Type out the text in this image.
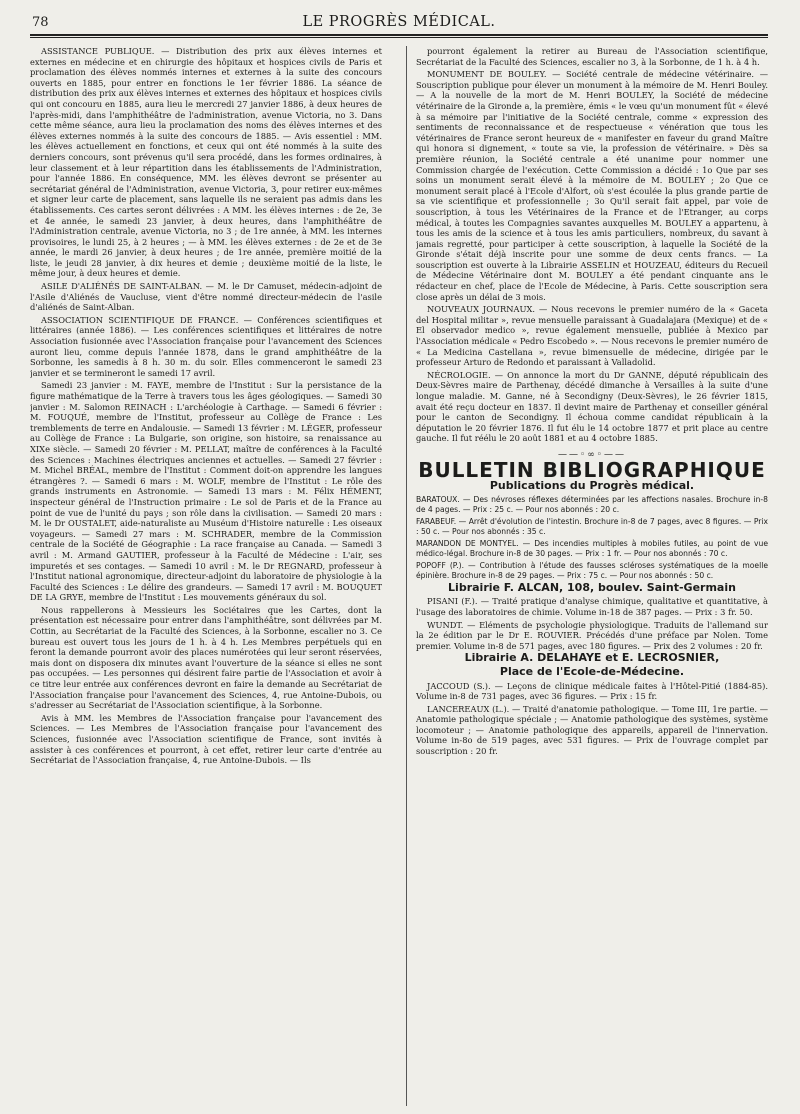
78	LE PROGRÈS MÉDICAL.

ASSISTANCE PUBLIQUE. — Distribution des prix aux élèves internes et externes en médecine et en chirurgie des hôpitaux et hospices civils de Paris et proclamation des élèves nommés internes et externes à la suite des concours ouverts en 1885, pour entrer en fonctions le 1er février 1886. La séance de distribution des prix aux élèves internes et externes des hôpitaux et hospices civils qui ont concouru en 1885, aura lieu le mercredi 27 janvier 1886, à deux heures de l'après-midi, dans l'amphithéâtre de l'administration, avenue Victoria, no 3. Dans cette même séance, aura lieu la proclamation des noms des élèves internes et des élèves externes nommés à la suite des concours de 1885. — Avis essentiel : MM. les élèves actuellement en fonctions, et ceux qui ont été nommés à la suite des derniers concours, sont prévenus qu'il sera procédé, dans les formes ordinaires, à leur classement et à leur répartition dans les établissements de l'Administration, pour l'année 1886. En conséquence, MM. les élèves devront se présenter au secrétariat général de l'Administration, avenue Victoria, 3, pour retirer eux-mêmes et signer leur carte de placement, sans laquelle ils ne seraient pas admis dans les établissements. Ces cartes seront délivrées : A MM. les élèves internes : de 2e, 3e et 4e année, le samedi 23 janvier, à deux heures, dans l'amphithéâtre de l'Administration centrale, avenue Victoria, no 3 ; de 1re année, à MM. les internes provisoires, le lundi 25, à 2 heures ; — à MM. les élèves externes : de 2e et de 3e année, le mardi 26 janvier, à deux heures ; de 1re année, première moitié de la liste, le jeudi 28 janvier, à dix heures et demie ; deuxième moitié de la liste, le même jour, à deux heures et demie.

ASILE D'ALIÉNÉS DE SAINT-ALBAN. — M. le Dr Camuset, médecin-adjoint de l'Asile d'Aliénés de Vaucluse, vient d'être nommé directeur-médecin de l'asile d'aliénés de Saint-Alban.

ASSOCIATION SCIENTIFIQUE DE FRANCE. — Conférences scientifiques et littéraires (année 1886). — Les conférences scientifiques et littéraires de notre Association fusionnée avec l'Association française pour l'avancement des Sciences auront lieu, comme depuis l'année 1878, dans le grand amphithéâtre de la Sorbonne, les samedis à 8 h. 30 m. du soir. Elles commenceront le samedi 23 janvier et se termineront le samedi 17 avril.

Samedi 23 janvier : M. FAYE, membre de l'Institut : Sur la persistance de la figure mathématique de la Terre à travers tous les âges géologiques. — Samedi 30 janvier : M. Salomon REINACH : L'archéologie à Carthage. — Samedi 6 février : M. FOUQUÉ, membre de l'Institut, professeur au Collège de France : Les tremblements de terre en Andalousie. — Samedi 13 février : M. LÉGER, professeur au Collège de France : La Bulgarie, son origine, son histoire, sa renaissance au XIXe siècle. — Samedi 20 février : M. PELLAT, maître de conférences à la Faculté des Sciences : Machines électriques anciennes et actuelles. — Samedi 27 février : M. Michel BRÉAL, membre de l'Institut : Comment doit-on apprendre les langues étrangères ?. — Samedi 6 mars : M. WOLF, membre de l'Institut : Le rôle des grands instruments en Astronomie. — Samedi 13 mars : M. Félix HÉMENT, inspecteur général de l'Instruction primaire : Le sol de Paris et de la France au point de vue de l'unité du pays ; son rôle dans la civilisation. — Samedi 20 mars : M. le Dr OUSTALET, aide-naturaliste au Muséum d'Histoire naturelle : Les oiseaux voyageurs. — Samedi 27 mars : M. SCHRADER, membre de la Commission centrale de la Société de Géographie : La race française au Canada. — Samedi 3 avril : M. Armand GAUTIER, professeur à la Faculté de Médecine : L'air, ses impuretés et ses contages. — Samedi 10 avril : M. le Dr REGNARD, professeur à l'Institut national agronomique, directeur-adjoint du laboratoire de physiologie à la Faculté des Sciences : Le délire des grandeurs. — Samedi 17 avril : M. BOUQUET DE LA GRYE, membre de l'Institut : Les mouvements généraux du sol.

Nous rappellerons à Messieurs les Sociétaires que les Cartes, dont la présentation est nécessaire pour entrer dans l'amphithéâtre, sont délivrées par M. Cottin, au Secrétariat de la Faculté des Sciences, à la Sorbonne, escalier no 3. Ce bureau est ouvert tous les jours de 1 h. à 4 h. Les Membres perpétuels qui en feront la demande pourront avoir des places numérotées qui leur seront réservées, mais dont on disposera dix minutes avant l'ouverture de la séance si elles ne sont pas occupées. — Les personnes qui désirent faire partie de l'Association et avoir à ce titre leur entrée aux conférences devront en faire la demande au Secrétariat de l'Association française pour l'avancement des Sciences, 4, rue Antoine-Dubois, ou s'adresser au Secrétariat de l'Association scientifique, à la Sorbonne.

Avis à MM. les Membres de l'Association française pour l'avancement des Sciences. — Les Membres de l'Association française pour l'avancement des Sciences, fusionnée avec l'Association scientifique de France, sont invités à assister à ces conférences et pourront, à cet effet, retirer leur carte d'entrée au Secrétariat de l'Association française, 4, rue Antoine-Dubois. — Ils

pourront également la retirer au Bureau de l'Association scientifique, Secrétariat de la Faculté des Sciences, escalier no 3, à la Sorbonne, de 1 h. à 4 h.

MONUMENT DE BOULEY. — Société centrale de médecine vétérinaire. — Souscription publique pour élever un monument à la mémoire de M. Henri Bouley. — A la nouvelle de la mort de M. Henri BOULEY, la Société de médecine vétérinaire de la Gironde a, la première, émis « le vœu qu'un monument fût « élevé à sa mémoire par l'initiative de la Société centrale, comme « expression des sentiments de reconnaissance et de respectueuse « vénération que tous les vétérinaires de France seront heureux de « manifester en faveur du grand Maître qui honora si dignement, « toute sa vie, la profession de vétérinaire. » Dès sa première réunion, la Société centrale a été unanime pour nommer une Commission chargée de l'exécution. Cette Commission a décidé : 1o Que par ses soins un monument serait élevé à la mémoire de M. BOULEY ; 2o Que ce monument serait placé à l'Ecole d'Alfort, où s'est écoulée la plus grande partie de sa vie scientifique et professionnelle ; 3o Qu'il serait fait appel, par voie de souscription, à tous les Vétérinaires de la France et de l'Etranger, au corps médical, à toutes les Compagnies savantes auxquelles M. BOULEY a appartenu, à tous les amis de la science et à tous les amis particuliers, nombreux, du savant à jamais regretté, pour participer à cette souscription, à laquelle la Société de la Gironde s'était déjà inscrite pour une somme de deux cents francs. — La souscription est ouverte à la Librairie ASSELIN et HOUZEAU, éditeurs du Recueil de Médecine Vétérinaire dont M. BOULEY a été pendant cinquante ans le rédacteur en chef, place de l'Ecole de Médecine, à Paris. Cette souscription sera close après un délai de 3 mois.

NOUVEAUX JOURNAUX. — Nous recevons le premier numéro de la « Gaceta del Hospital militar », revue mensuelle paraissant à Guadalajara (Mexique) et de « El observador medico », revue également mensuelle, publiée à Mexico par l'Association médicale « Pedro Escobedo ». — Nous recevons le premier numéro de « La Medicina Castellana », revue bimensuelle de médecine, dirigée par le professeur Arturo de Redondo et paraissant à Valladolid.

NÉCROLOGIE. — On annonce la mort du Dr GANNE, député républicain des Deux-Sèvres maire de Parthenay, décédé dimanche à Versailles à la suite d'une longue maladie. M. Ganne, né à Secondigny (Deux-Sèvres), le 26 février 1815, avait été reçu docteur en 1837. Il devint maire de Parthenay et conseiller général pour le canton de Secondigny. Il échoua comme candidat républicain à la députation le 20 février 1876. Il fut élu le 14 octobre 1877 et prit place au centre gauche. Il fut réélu le 20 août 1881 et au 4 octobre 1885.

——◦∞◦——
BULLETIN BIBLIOGRAPHIQUE
Publications du Progrès médical.

BARATOUX. — Des névroses réflexes déterminées par les affections nasales. Brochure in-8 de 4 pages. — Prix : 25 c. — Pour nos abonnés : 20 c.

FARABEUF. — Arrêt d'évolution de l'intestin. Brochure in-8 de 7 pages, avec 8 figures. — Prix : 50 c. — Pour nos abonnés : 35 c.

MARANDON DE MONTYEL. — Des incendies multiples à mobiles futiles, au point de vue médico-légal. Brochure in-8 de 30 pages. — Prix : 1 fr. — Pour nos abonnés : 70 c.

POPOFF (P.). — Contribution à l'étude des fausses scléroses systématiques de la moelle épinière. Brochure in-8 de 29 pages. — Prix : 75 c. — Pour nos abonnés : 50 c.

Librairie F. ALCAN, 108, boulev. Saint-Germain

PISANI (F.). — Traité pratique d'analyse chimique, qualitative et quantitative, à l'usage des laboratoires de chimie. Volume in-18 de 387 pages. — Prix : 3 fr. 50.

WUNDT. — Eléments de psychologie physiologique. Traduits de l'allemand sur la 2e édition par le Dr E. ROUVIER. Précédés d'une préface par Nolen. Tome premier. Volume in-8 de 571 pages, avec 180 figures. — Prix des 2 volumes : 20 fr.

Librairie A. DELAHAYE et E. LECROSNIER,
Place de l'Ecole-de-Médecine.

JACCOUD (S.). — Leçons de clinique médicale faites à l'Hôtel-Pitié (1884-85). Volume in-8 de 731 pages, avec 36 figures. — Prix : 15 fr.

LANCEREAUX (L.). — Traité d'anatomie pathologique. — Tome III, 1re partie. — Anatomie pathologique spéciale ; — Anatomie pathologique des systèmes, système locomoteur ; — Anatomie pathologique des appareils, appareil de l'innervation. Volume in-8o de 519 pages, avec 531 figures. — Prix de l'ouvrage complet par souscription : 20 fr.
